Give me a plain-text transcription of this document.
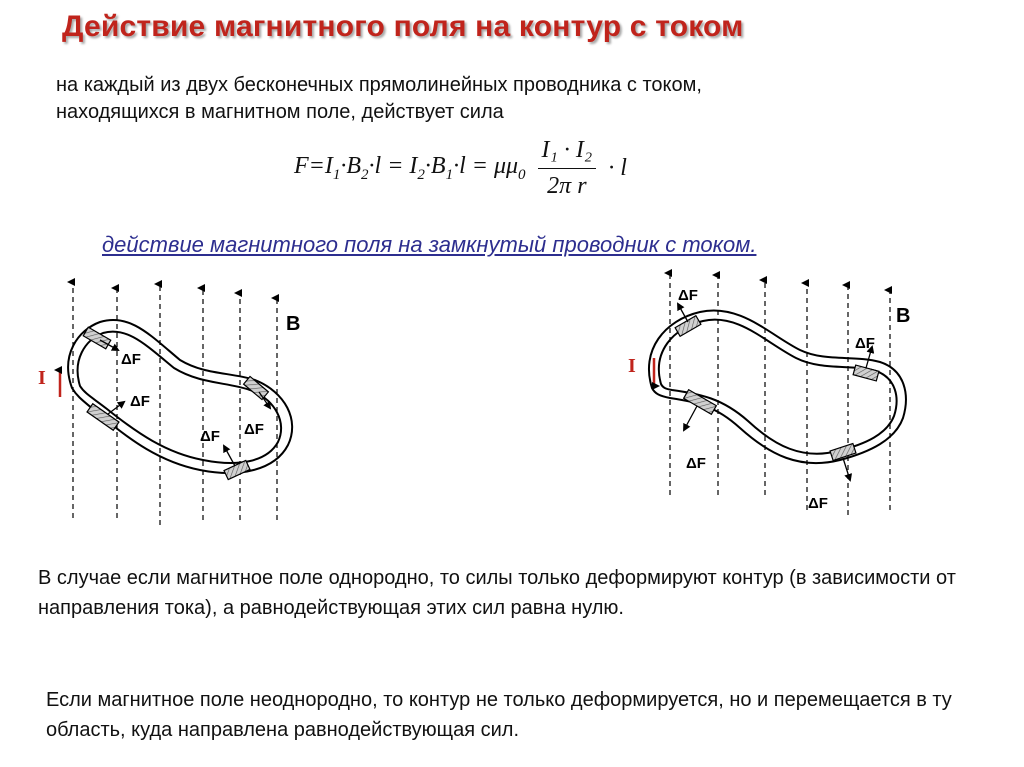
Действие магнитного поля на контур с током
на каждый из двух бесконечных прямолинейных проводника с током,
находящихся в магнитном поле, действует сила
$F=I_1\cdot B_2\cdot l = I_2\cdot B_1\cdot l = \mu\mu_0 \frac{\text{I₁ · I₂}}{\text{2π r}} \cdot l$
действие магнитного поля на замкнутый проводник с током.
I
B
ΔF
ΔF
ΔF ΔF
I
B
ΔF
ΔF
ΔF
ΔF
В случае если магнитное поле однородно, то силы только деформируют контур (в зависимости от направления тока), а равнодействующая этих сил равна нулю.
Если магнитное поле неоднородно, то контур не только деформируется, но и перемещается в ту область, куда направлена равнодействующая сил.
